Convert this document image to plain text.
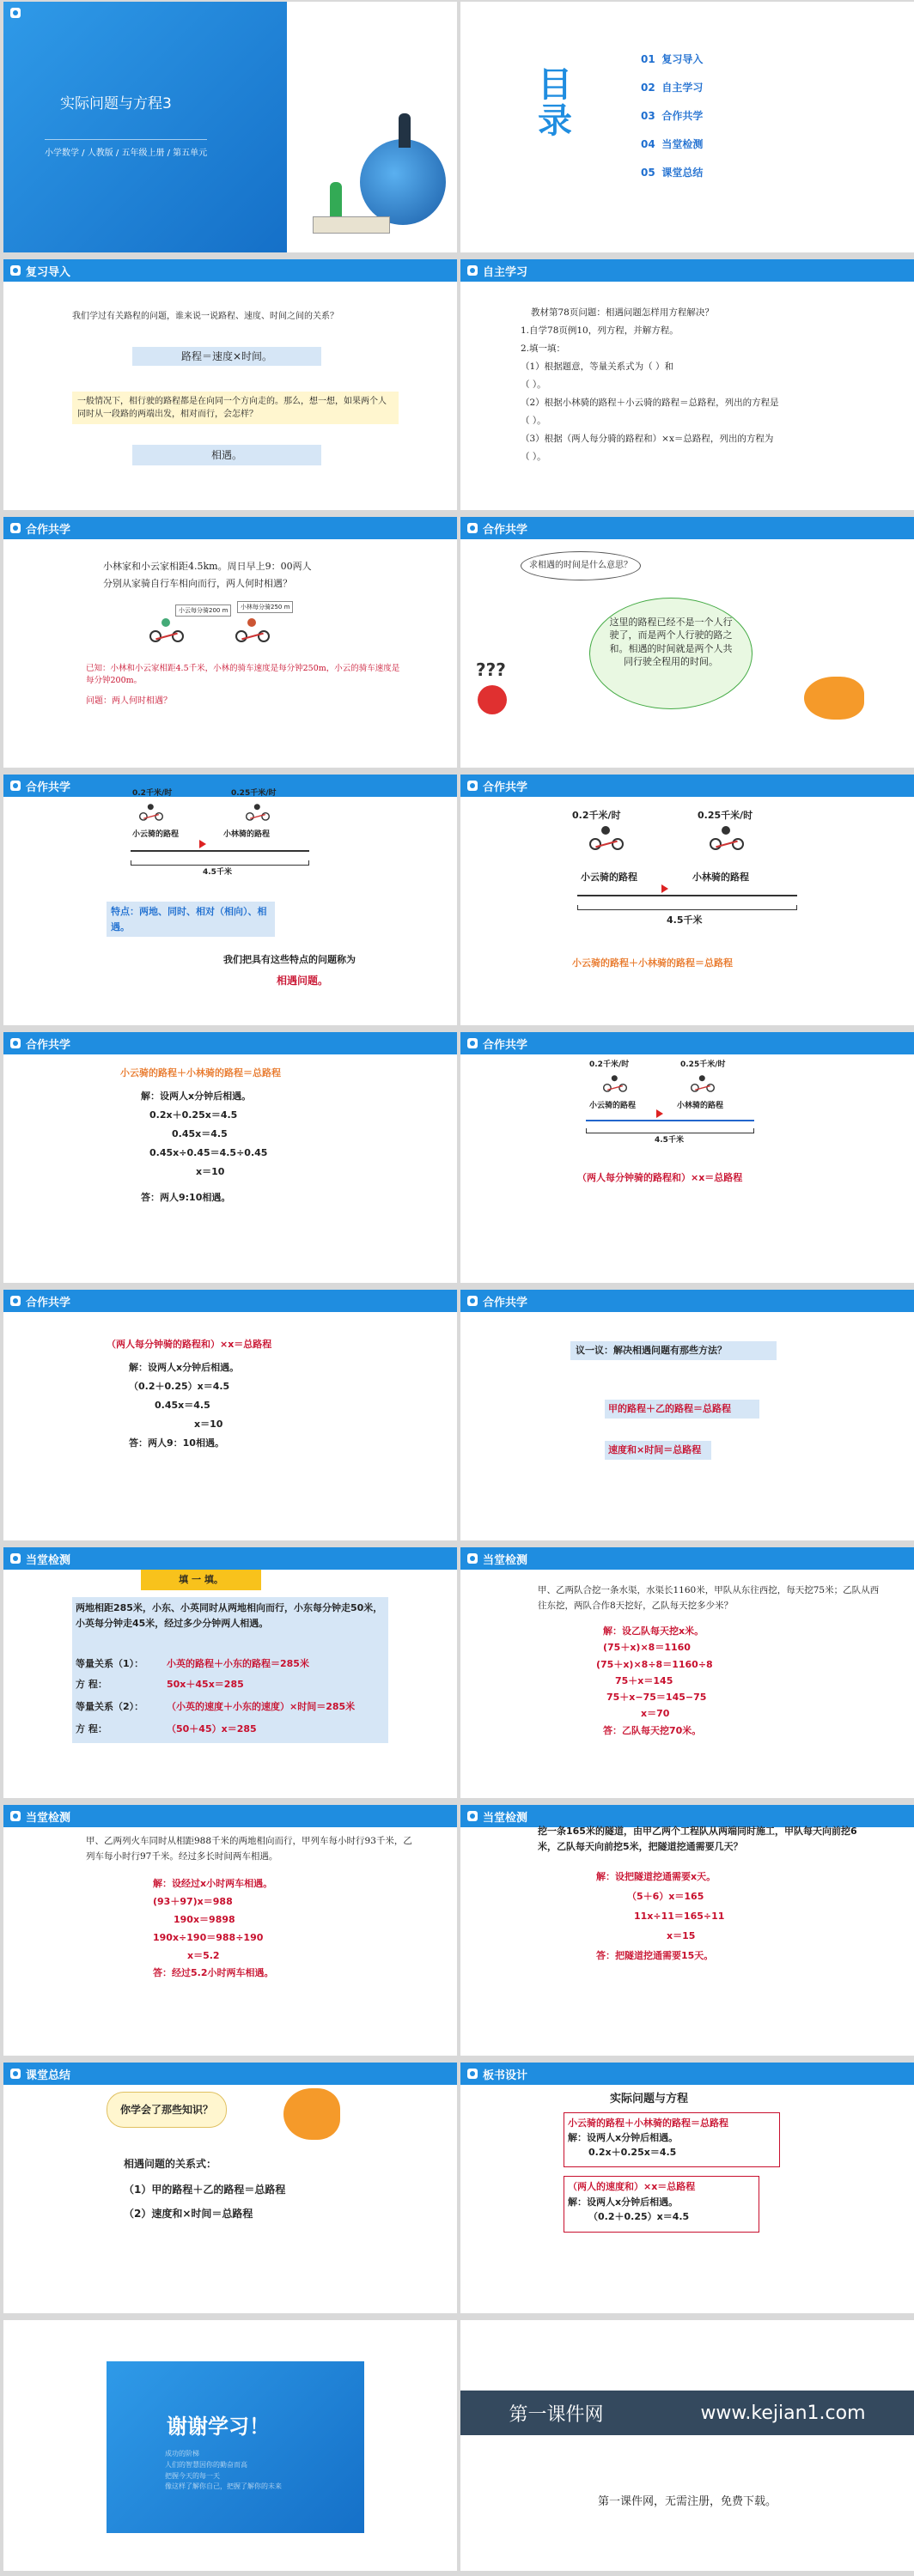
实际问题与方程3
小学数学 / 人教版 / 五年级上册 / 第五单元
目
录
01 复习导入
02 自主学习
03 合作共学
04 当堂检测
05 课堂总结
复习导入
我们学过有关路程的问题，谁来说一说路程、速度、时间之间的关系？
路程＝速度×时间。
一般情况下，相行驶的路程都是在向同一个方向走的。那么，想一想，如果两个人同时从一段路的两端出发，相对而行，会怎样？
相遇。
自主学习
教材第78页问题：相遇问题怎样用方程解决？
1.自学78页例10，列方程，并解方程。
2.填一填：
（1）根据题意，等量关系式为（ ）和
（ ）。
（2）根据小林骑的路程＋小云骑的路程＝总路程，列出的方程是
（ ）。
（3）根据（两人每分骑的路程和）×x＝总路程，列出的方程为
（ ）。
合作共学
小林家和小云家相距4.5km。周日早上9：00两人
分别从家骑自行车相向而行，两人何时相遇？
小云每分骑200 m	小林每分骑250 m
已知：小林和小云家相距4.5千米，小林的骑车速度是每分钟250m，小云的骑车速度是每分钟200m。
问题：两人何时相遇？
合作共学
求相遇的时间是什么意思？
这里的路程已经不是一个人行驶了，而是两个人行驶的路之和。相遇的时间就是两个人共同行驶全程用的时间。
???
合作共学	0.2千米/时	0.25千米/时
小云骑的路程	小林骑的路程
4.5千米
特点：两地、同时、相对（相向）、相遇。
我们把具有这些特点的问题称为
相遇问题。
合作共学
0.2千米/时	0.25千米/时
小云骑的路程	小林骑的路程
4.5千米
小云骑的路程＋小林骑的路程＝总路程
合作共学
小云骑的路程＋小林骑的路程＝总路程
解：设两人x分钟后相遇。
0.2x＋0.25x＝4.5
0.45x＝4.5
0.45x÷0.45＝4.5÷0.45
x＝10
答：两人9:10相遇。
合作共学
0.2千米/时	0.25千米/时
小云骑的路程	小林骑的路程
4.5千米
（两人每分钟骑的路程和）×x＝总路程
合作共学
（两人每分钟骑的路程和）×x＝总路程
解：设两人x分钟后相遇。
（0.2＋0.25）x＝4.5
0.45x＝4.5
x＝10
答：两人9：10相遇。
合作共学
议一议：解决相遇问题有那些方法？
甲的路程＋乙的路程＝总路程
速度和×时间＝总路程
当堂检测
填 一 填。
两地相距285米，小东、小英同时从两地相向而行，小东每分钟走50米，小英每分钟走45米，经过多少分钟两人相遇。
等量关系（1）： 小英的路程＋小东的路程＝285米
方 程：	50x＋45x＝285
等量关系（2）： （小英的速度＋小东的速度）×时间＝285米
方 程：	（50＋45）x＝285
当堂检测
甲、乙两队合挖一条水渠，水渠长1160米，甲队从东往西挖，每天挖75米；乙队从西往东挖，两队合作8天挖好，乙队每天挖多少米？
解：设乙队每天挖x米。
(75＋x)×8＝1160
(75＋x)×8÷8＝1160÷8
75＋x＝145
75＋x−75＝145−75
x＝70
答：乙队每天挖70米。
当堂检测
甲、乙两列火车同时从相距988千米的两地相向而行，甲列车每小时行93千米，乙列车每小时行97千米。经过多长时间两车相遇。
解：设经过x小时两车相遇。
(93＋97)x＝988
190x＝9898
190x÷190＝988÷190
x＝5.2
答：经过5.2小时两车相遇。
当堂检测
挖一条165米的隧道，由甲乙两个工程队从两端同时施工，甲队每天向前挖6米，乙队每天向前挖5米，把隧道挖通需要几天？
解：设把隧道挖通需要x天。
（5＋6）x＝165
11x÷11＝165÷11
x＝15
答：把隧道挖通需要15天。
课堂总结
你学会了那些知识？
相遇问题的关系式：
（1）甲的路程＋乙的路程＝总路程
（2）速度和×时间＝总路程
板书设计
实际问题与方程
小云骑的路程＋小林骑的路程＝总路程
解：设两人x分钟后相遇。
0.2x＋0.25x＝4.5
（两人的速度和）×x＝总路程
解：设两人x分钟后相遇。
（0.2＋0.25）x＝4.5
谢谢学习！
成功的阶梯
人们的智慧因你的勤奋而高
把握今天的每一天
像这样了解你自己，把握了解你的未来
第一课件网	www.kejian1.com
第一课件网，无需注册，免费下载。
